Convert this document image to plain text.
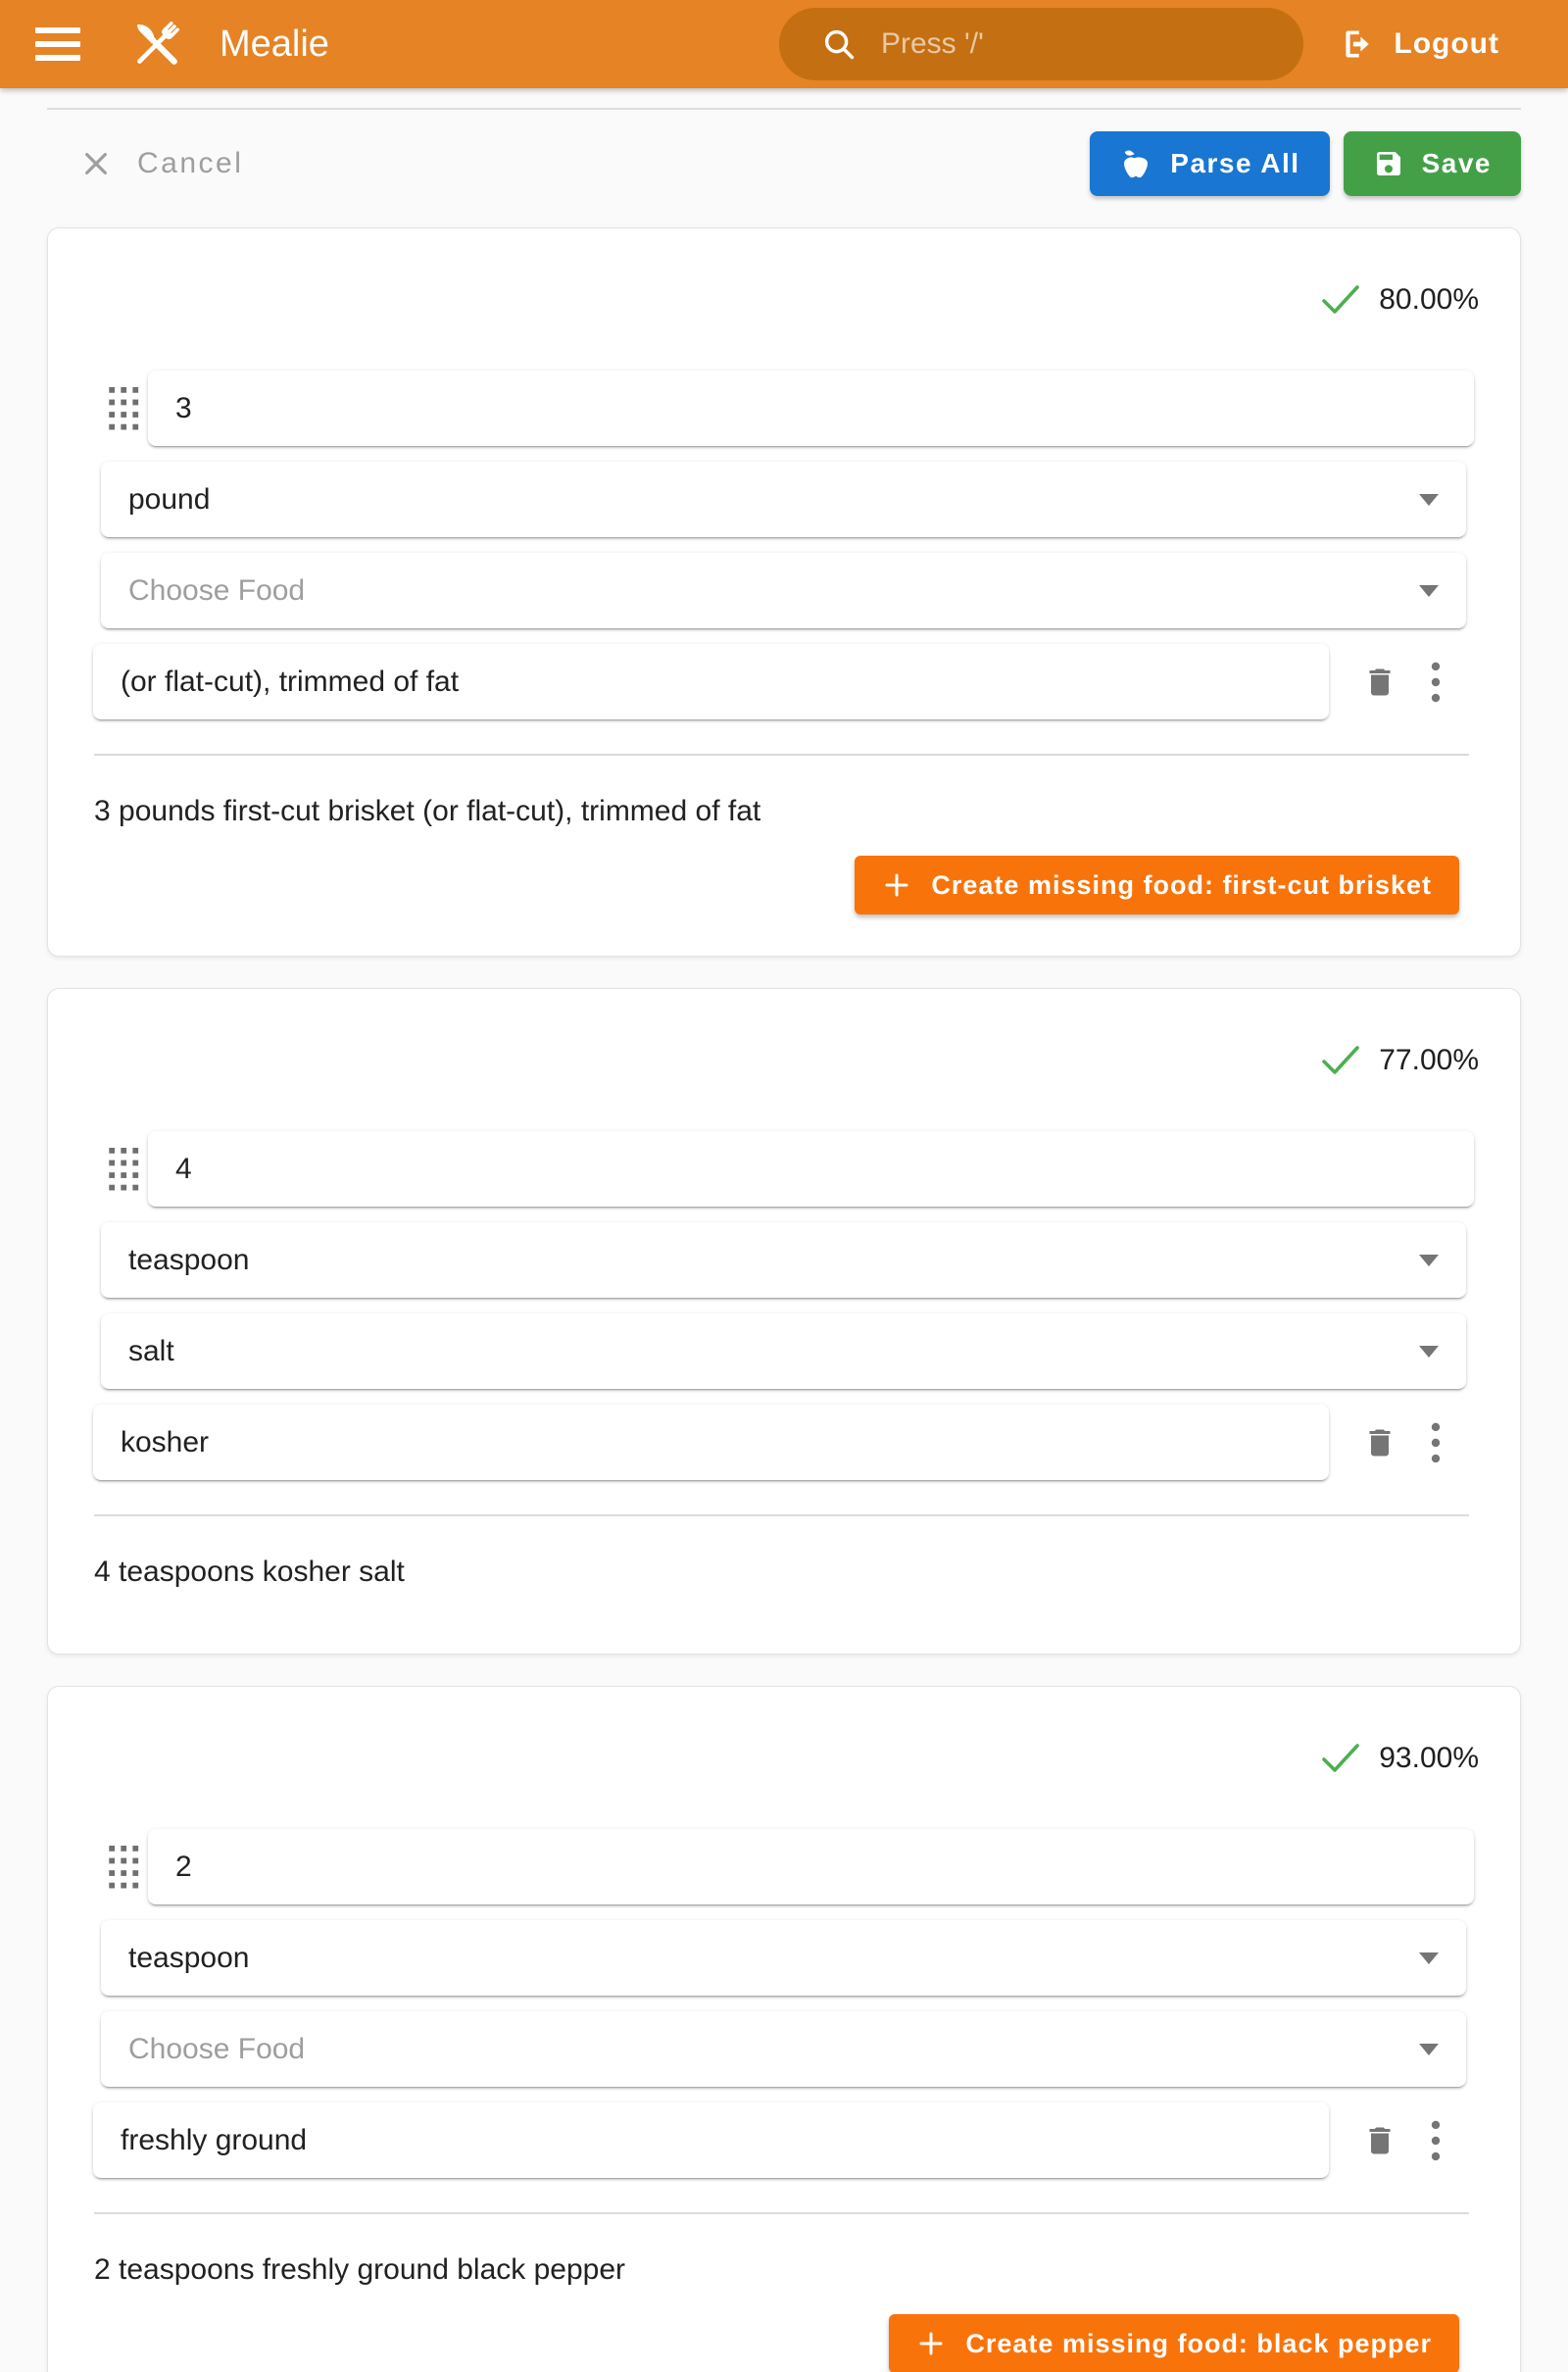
Mealie	Press '/'	Logout
Cancel	Parse All	Save
80.00%
3
pound
Choose Food
(or flat-cut), trimmed of fat

3 pounds first-cut brisket (or flat-cut), trimmed of fat

Create missing food: first-cut brisket
77.00%
4
teaspoon
salt
kosher

4 teaspoons kosher salt

93.00%
2
teaspoon
Choose Food
freshly ground

2 teaspoons freshly ground black pepper

Create missing food: black pepper
